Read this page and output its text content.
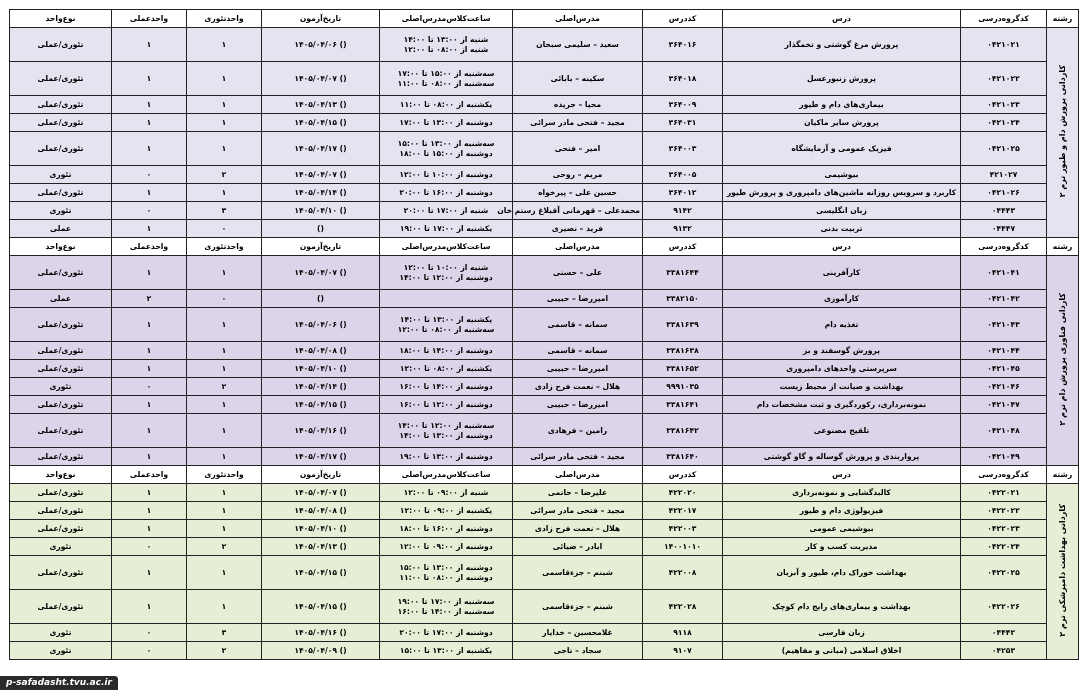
رشته	کدگروه‌درسی	درس	کددرس	مدرس‌اصلی	ساعت‌کلاس‌مدرس‌اصلی	تاریخ‌آزمون	واحدتئوری	واحدعملی	نوع‌واحد
کاردانی پرورش دام و طیور ترم ۲	۰۴۲۱۰۲۱	پرورش مرغ گوشتی و تخمگذار	۳۶۴۰۱۶	سعید – سلیمی سبحان	شنبه از ۱۳:۰۰ تا ۱۴:۰۰
شنبه از ۰۸:۰۰ تا ۱۲:۰۰	() ۱۴۰۵/۰۴/۰۶	۱	۱	تئوری/عملی
	۰۴۲۱۰۲۲	پرورش زنبورعسل	۳۶۴۰۱۸	سکینه – بابائی	سه‌شنبه از ۱۵:۰۰ تا ۱۷:۰۰
سه‌شنبه از ۰۸:۰۰ تا ۱۱:۰۰	() ۱۴۰۵/۰۴/۰۷	۱	۱	تئوری/عملی
	۰۴۲۱۰۲۳	بیماری‌های دام و طیور	۳۶۴۰۰۹	محیا – جریده	یکشنبه از ۰۸:۰۰ تا ۱۱:۰۰	() ۱۴۰۵/۰۴/۱۳	۱	۱	تئوری/عملی
	۰۴۲۱۰۲۴	پرورش سایر ماکیان	۳۶۴۰۳۱	مجید – فتحی مادر سرائی	دوشنبه از ۱۳:۰۰ تا ۱۷:۰۰	() ۱۴۰۵/۰۴/۱۵	۱	۱	تئوری/عملی
	۰۴۲۱۰۲۵	فیزیک عمومی و آزمایشگاه	۳۶۴۰۰۳	امیر – فتحی	سه‌شنبه از ۱۳:۰۰ تا ۱۵:۰۰
دوشنبه از ۱۵:۰۰ تا ۱۸:۰۰	() ۱۴۰۵/۰۴/۱۷	۱	۱	تئوری/عملی
	۴۲۱۰۲۷	بیوشیمی	۳۶۴۰۰۵	مریم – روحی	دوشنبه از ۱۰:۰۰ تا ۱۲:۰۰	() ۱۴۰۵/۰۴/۰۷	۲	۰	تئوری
	۰۴۲۱۰۲۶	کاربرد و سرویس روزانه ماشین‌های دامپروری و پرورش طیور	۳۶۴۰۱۲	حسین علی – پیرخواه	دوشنبه از ۱۶:۰۰ تا ۲۰:۰۰	() ۱۴۰۵/۰۴/۱۴	۱	۱	تئوری/عملی
	۰۴۴۴۳	زبان انگلیسی	۹۱۴۲	محمدعلی – قهرمانی آقبلاغ رستم خان	شنبه از ۱۷:۰۰ تا ۲۰:۰۰	() ۱۴۰۵/۰۴/۱۰	۳	۰	تئوری
	۰۴۴۴۷	تربیت بدنی	۹۱۳۲	فرید – نصیری	یکشنبه از ۱۷:۰۰ تا ۱۹:۰۰	()	۰	۱	عملی
رشته	کدگروه‌درسی	درس	کددرس	مدرس‌اصلی	ساعت‌کلاس‌مدرس‌اصلی	تاریخ‌آزمون	واحدتئوری	واحدعملی	نوع‌واحد
کاردانی فناوری پرورش دام ترم ۲	۰۴۲۱۰۴۱	کارآفرینی	۳۳۸۱۶۴۴	علی – حسنی	شنبه از ۱۰:۰۰ تا ۱۲:۰۰
دوشنبه از ۱۲:۰۰ تا ۱۴:۰۰	() ۱۴۰۵/۰۴/۰۷	۱	۱	تئوری/عملی
	۰۴۲۱۰۴۲	کارآموزی	۳۳۸۲۱۵۰	امیررضا – حبیبی		()	۰	۲	عملی
	۰۴۲۱۰۴۳	تغذیه دام	۳۳۸۱۶۳۹	سمانه – قاسمی	یکشنبه از ۱۳:۰۰ تا ۱۴:۰۰
سه‌شنبه از ۰۸:۰۰ تا ۱۲:۰۰	() ۱۴۰۵/۰۴/۰۶	۱	۱	تئوری/عملی
	۰۴۲۱۰۴۴	پرورش گوسفند و بز	۳۳۸۱۶۳۸	سمانه – قاسمی	دوشنبه از ۱۴:۰۰ تا ۱۸:۰۰	() ۱۴۰۵/۰۴/۰۸	۱	۱	تئوری/عملی
	۰۴۲۱۰۴۵	سرپرستی واحدهای دامپروری	۳۳۸۱۶۵۲	امیررضا – حبیبی	یکشنبه از ۰۸:۰۰ تا ۱۲:۰۰	() ۱۴۰۵/۰۴/۱۰	۱	۱	تئوری/عملی
	۰۴۲۱۰۴۶	بهداشت و صیانت از محیط زیست	۹۹۹۱۰۳۵	هلال – نعمت فرح زادی	دوشنبه از ۱۴:۰۰ تا ۱۶:۰۰	() ۱۴۰۵/۰۴/۱۴	۲	۰	تئوری
	۰۴۲۱۰۴۷	نمونه‌برداری، رکوردگیری و ثبت مشخصات دام	۳۳۸۱۶۴۱	امیررضا – حبیبی	دوشنبه از ۱۲:۰۰ تا ۱۶:۰۰	() ۱۴۰۵/۰۴/۱۵	۱	۱	تئوری/عملی
	۰۴۲۱۰۴۸	تلقیح مصنوعی	۳۳۸۱۶۴۲	رامین – فرهادی	سه‌شنبه از ۱۲:۰۰ تا ۱۴:۰۰
دوشنبه از ۱۳:۰۰ تا ۱۴:۰۰	() ۱۴۰۵/۰۴/۱۶	۱	۱	تئوری/عملی
	۰۴۲۱۰۴۹	پرواربندی و پرورش گوساله و گاو گوشتی	۳۳۸۱۶۴۰	مجید – فتحی مادر سرائی	دوشنبه از ۱۳:۰۰ تا ۱۹:۰۰	() ۱۴۰۵/۰۴/۱۷	۱	۱	تئوری/عملی
رشته	کدگروه‌درسی	درس	کددرس	مدرس‌اصلی	ساعت‌کلاس‌مدرس‌اصلی	تاریخ‌آزمون	واحدتئوری	واحدعملی	نوع‌واحد
کاردانی بهداشت دامپزشکی ترم ۲	۰۴۲۲۰۲۱	کالبدگشایی و نمونه‌برداری	۴۲۲۰۲۰	علیرضا – حاتمی	شنبه از ۰۹:۰۰ تا ۱۲:۰۰	() ۱۴۰۵/۰۴/۰۷	۱	۱	تئوری/عملی
	۰۴۲۲۰۲۲	فیزیولوژی دام و طیور	۴۲۲۰۱۷	مجید – فتحی مادر سرائی	یکشنبه از ۰۹:۰۰ تا ۱۲:۰۰	() ۱۴۰۵/۰۴/۰۸	۱	۱	تئوری/عملی
	۰۴۲۲۰۲۳	بیوشیمی عمومی	۴۲۲۰۰۳	هلال – نعمت فرح زادی	دوشنبه از ۱۶:۰۰ تا ۱۸:۰۰	() ۱۴۰۵/۰۴/۱۰	۱	۱	تئوری/عملی
	۰۴۲۲۰۲۴	مدیریت کسب و کار	۱۴۰۰۱۰۱۰	ابادر – ضیائی	دوشنبه از ۰۹:۰۰ تا ۱۲:۰۰	() ۱۴۰۵/۰۴/۱۳	۲	۰	تئوری
	۰۴۲۲۰۲۵	بهداشت خوراک دام، طیور و آبزیان	۴۲۲۰۰۸	شبنم – جزءقاسمی	دوشنبه از ۱۳:۰۰ تا ۱۵:۰۰
دوشنبه از ۰۸:۰۰ تا ۱۱:۰۰	() ۱۴۰۵/۰۴/۱۵	۱	۱	تئوری/عملی
	۰۴۲۲۰۲۶	بهداشت و بیماری‌های رایج دام کوچک	۴۲۲۰۲۸	شبنم – جزءقاسمی	سه‌شنبه از ۱۷:۰۰ تا ۱۹:۰۰
سه‌شنبه از ۱۴:۰۰ تا ۱۶:۰۰	() ۱۴۰۵/۰۴/۱۵	۱	۱	تئوری/عملی
	۰۴۴۴۲	زبان فارسی	۹۱۱۸	غلامحسین – خدایار	دوشنبه از ۱۷:۰۰ تا ۲۰:۰۰	() ۱۴۰۵/۰۴/۱۶	۳	۰	تئوری
	۰۴۲۵۳	اخلاق اسلامی (مبانی و مفاهیم)	۹۱۰۷	سجاد – تاجی	یکشنبه از ۱۳:۰۰ تا ۱۵:۰۰	() ۱۴۰۵/۰۴/۰۹	۲	۰	تئوری
p-safadasht.tvu.ac.ir
